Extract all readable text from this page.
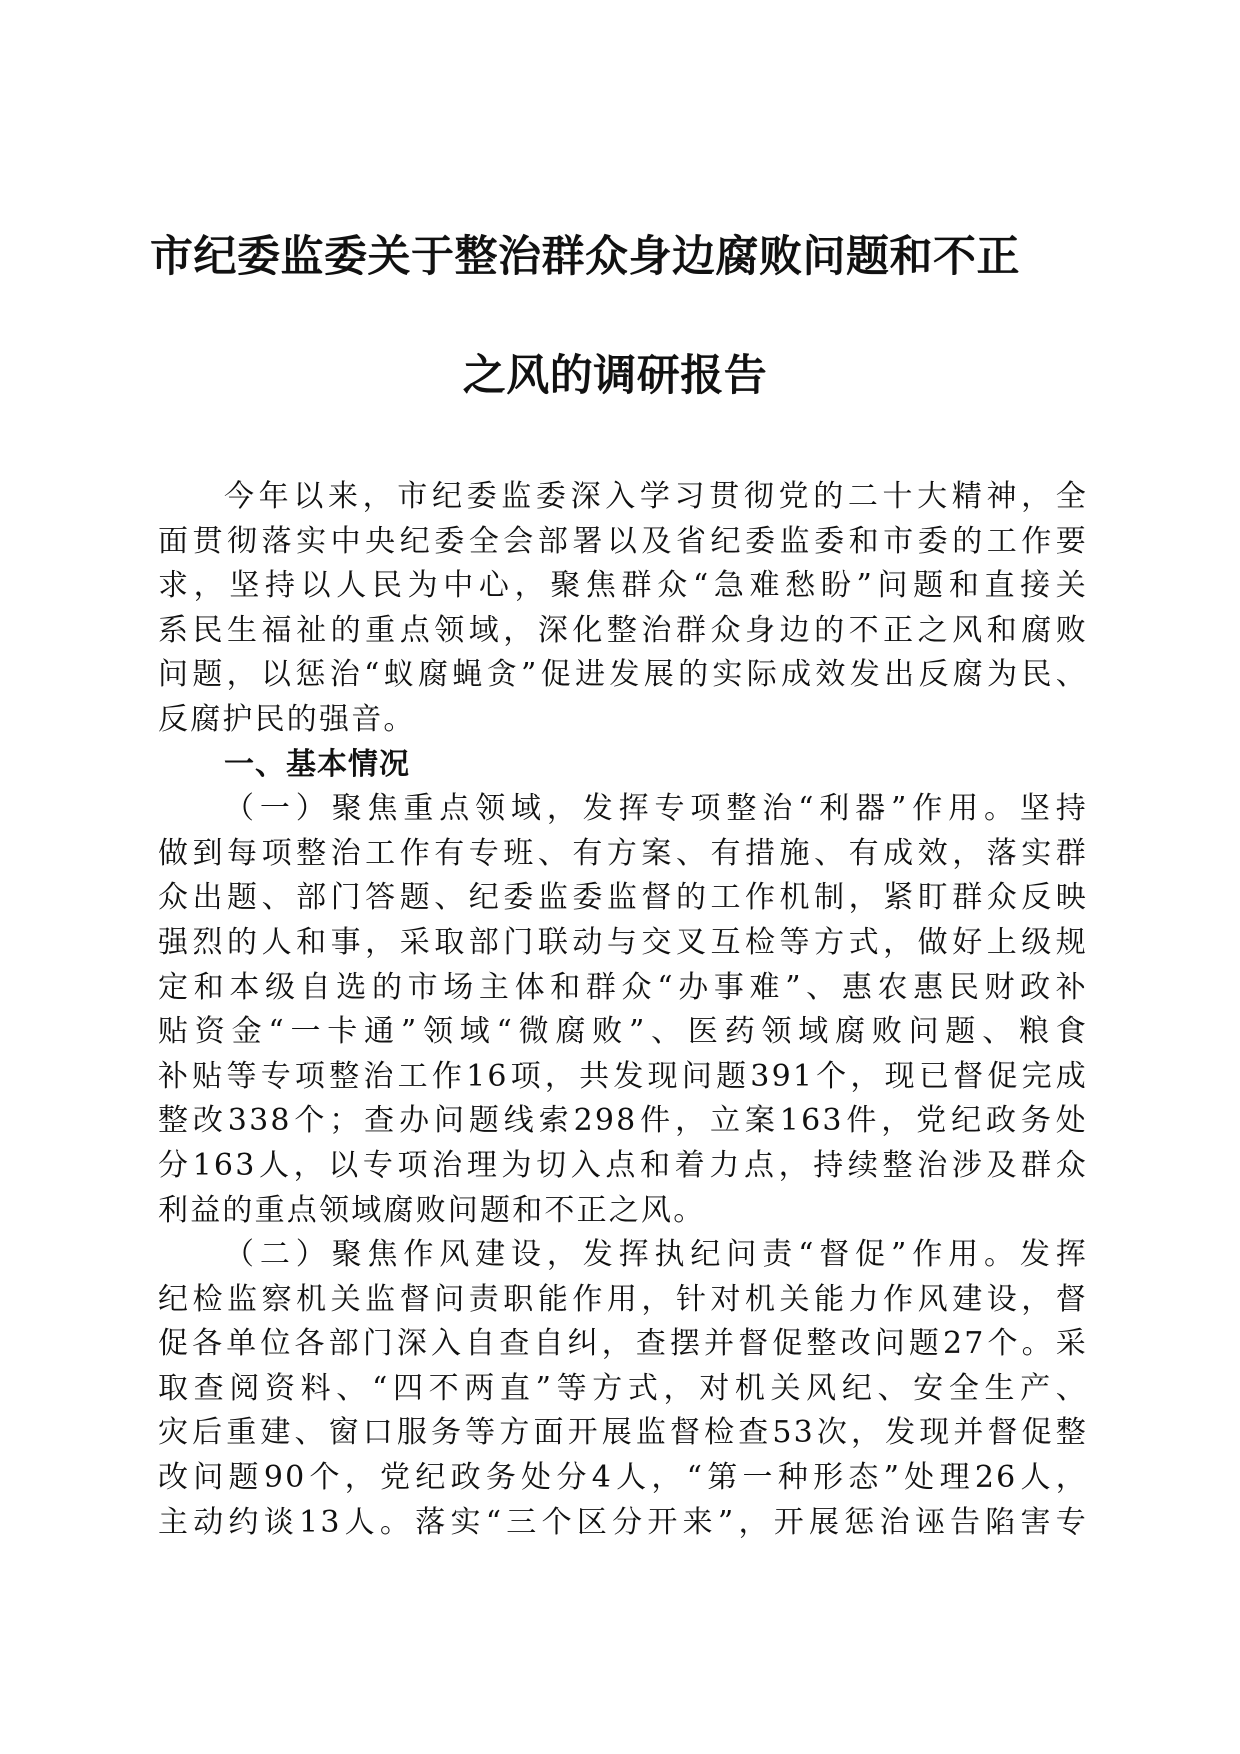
市纪委监委关于整治群众身边腐败问题和不正
之风的调研报告
今年以来，市纪委监委深入学习贯彻党的二十大精神，全
面贯彻落实中央纪委全会部署以及省纪委监委和市委的工作要
求，坚持以人民为中心，聚焦群众“急难愁盼”问题和直接关
系民生福祉的重点领域，深化整治群众身边的不正之风和腐败
问题，以惩治“蚁腐蝇贪”促进发展的实际成效发出反腐为民、
反腐护民的强音。
一、基本情况
（一）聚焦重点领域，发挥专项整治“利器”作用。坚持
做到每项整治工作有专班、有方案、有措施、有成效，落实群
众出题、部门答题、纪委监委监督的工作机制，紧盯群众反映
强烈的人和事，采取部门联动与交叉互检等方式，做好上级规
定和本级自选的市场主体和群众“办事难”、惠农惠民财政补
贴资金“一卡通”领域“微腐败”、医药领域腐败问题、粮食
补贴等专项整治工作16项，共发现问题391个，现已督促完成
整改338个；查办问题线索298件，立案163件，党纪政务处
分163人，以专项治理为切入点和着力点，持续整治涉及群众
利益的重点领域腐败问题和不正之风。
（二）聚焦作风建设，发挥执纪问责“督促”作用。发挥
纪检监察机关监督问责职能作用，针对机关能力作风建设，督
促各单位各部门深入自查自纠，查摆并督促整改问题27个。采
取查阅资料、“四不两直”等方式，对机关风纪、安全生产、
灾后重建、窗口服务等方面开展监督检查53次，发现并督促整
改问题90个，党纪政务处分4人，“第一种形态”处理26人，
主动约谈13人。落实“三个区分开来”，开展惩治诬告陷害专
